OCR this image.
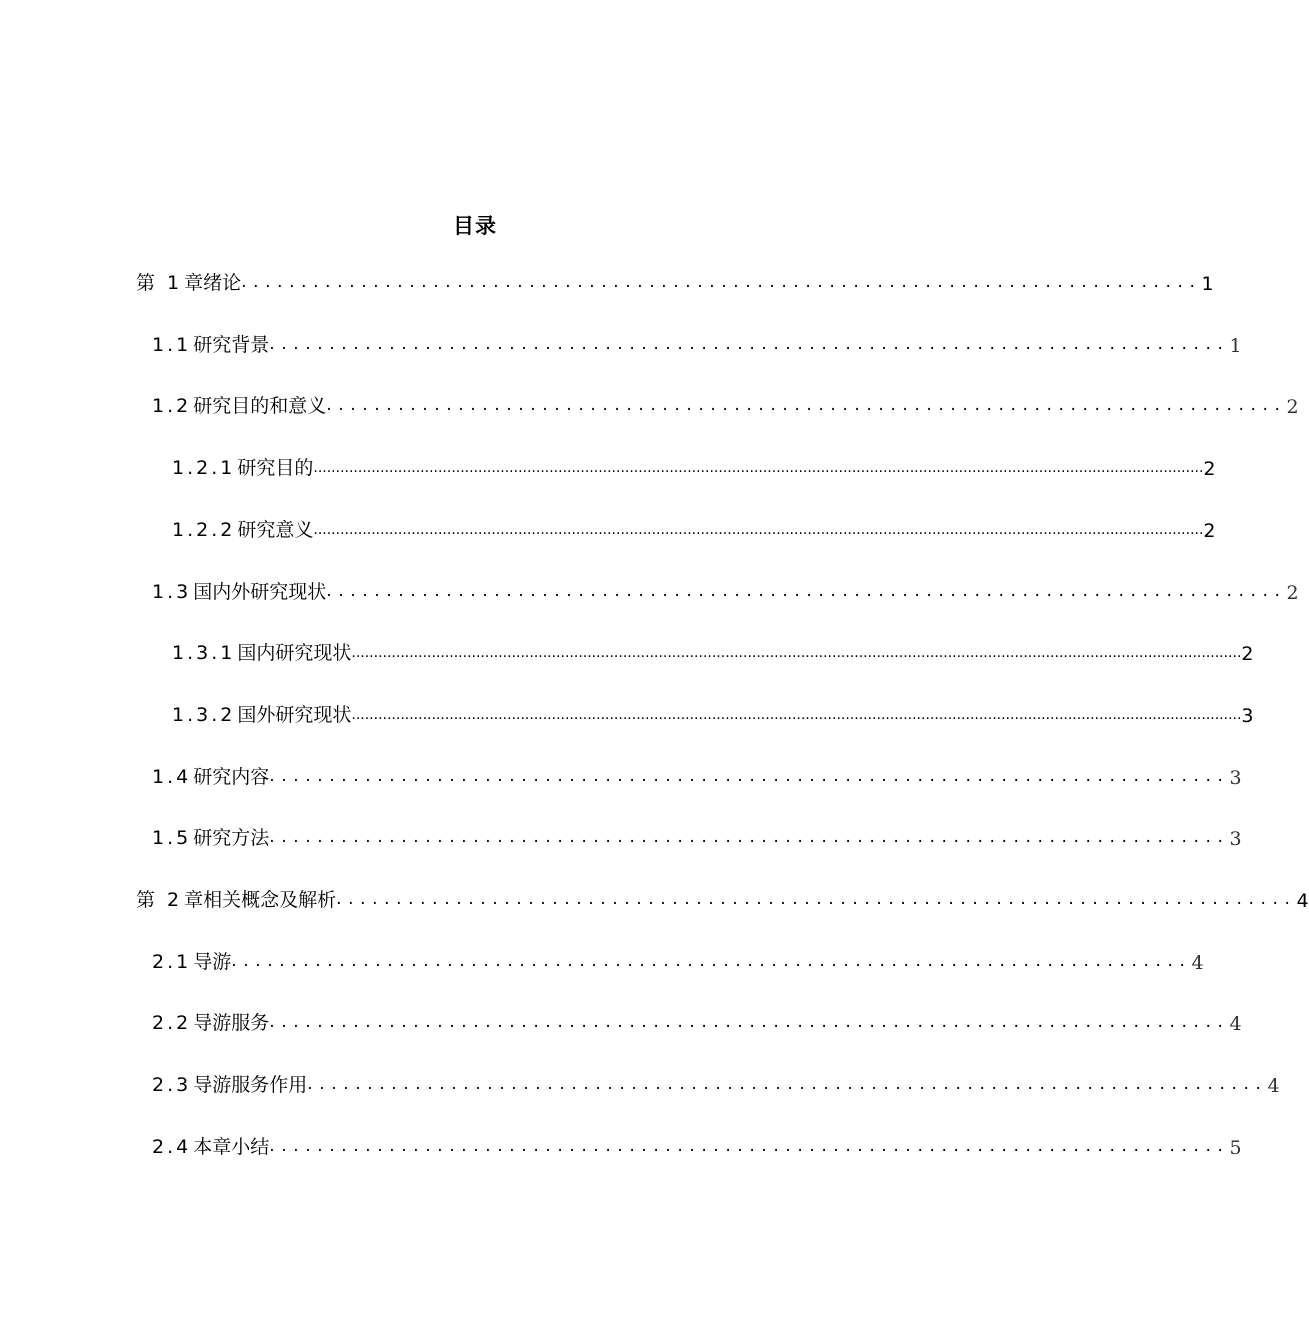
目录
第 1 章绪论 ................................................................................ 1
1.1 研究背景 ................................................................................ 1
1.2 研究目的和意义 ................................................................................ 2
1.2.1 研究目的 ........................................................................................................................................................................................................ 2
1.2.2 研究意义 ........................................................................................................................................................................................................ 2
1.3 国内外研究现状 ................................................................................ 2
1.3.1 国内研究现状 ........................................................................................................................................................................................................ 2
1.3.2 国外研究现状 ........................................................................................................................................................................................................ 3
1.4 研究内容 ................................................................................ 3
1.5 研究方法 ................................................................................ 3
第 2 章相关概念及解析 ................................................................................ 4
2.1 导游 ................................................................................ 4
2.2 导游服务 ................................................................................ 4
2.3 导游服务作用 ................................................................................ 4
2.4 本章小结 ................................................................................ 5
